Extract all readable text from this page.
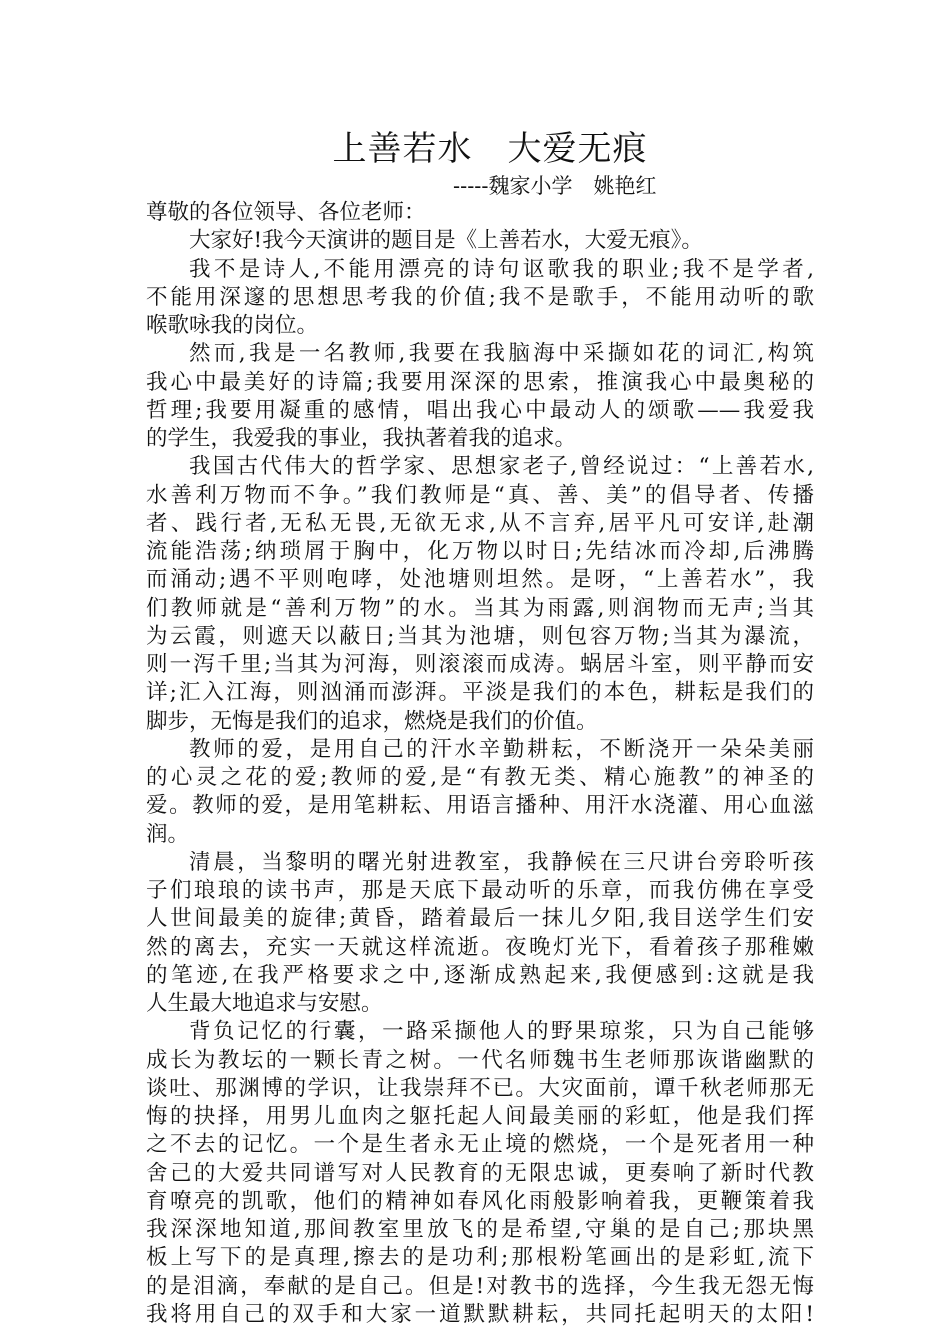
上善若水　大爱无痕
-----魏家小学　姚艳红
尊敬的各位领导、各位老师：
大家好!我今天演讲的题目是《上善若水，大爱无痕》。
我不是诗人,不能用漂亮的诗句讴歌我的职业;我不是学者,
不能用深邃的思想思考我的价值;我不是歌手，不能用动听的歌
喉歌咏我的岗位。
然而,我是一名教师,我要在我脑海中采撷如花的词汇,构筑
我心中最美好的诗篇;我要用深深的思索，推演我心中最奥秘的
哲理;我要用凝重的感情，唱出我心中最动人的颂歌——我爱我
的学生，我爱我的事业，我执著着我的追求。
我国古代伟大的哲学家、思想家老子,曾经说过：“上善若水,
水善利万物而不争。”我们教师是“真、善、美”的倡导者、传播
者、践行者,无私无畏,无欲无求,从不言弃,居平凡可安详,赴潮
流能浩荡;纳琐屑于胸中，化万物以时日;先结冰而冷却,后沸腾
而涌动;遇不平则咆哮，处池塘则坦然。是呀，“上善若水”，我
们教师就是“善利万物”的水。当其为雨露,则润物而无声;当其
为云霞，则遮天以蔽日;当其为池塘，则包容万物;当其为瀑流，
则一泻千里;当其为河海，则滚滚而成涛。蜗居斗室，则平静而安
详;汇入江海，则汹涌而澎湃。平淡是我们的本色，耕耘是我们的
脚步，无悔是我们的追求，燃烧是我们的价值。
教师的爱，是用自己的汗水辛勤耕耘，不断浇开一朵朵美丽
的心灵之花的爱;教师的爱,是“有教无类、精心施教”的神圣的
爱。教师的爱，是用笔耕耘、用语言播种、用汗水浇灌、用心血滋
润。
清晨，当黎明的曙光射进教室，我静候在三尺讲台旁聆听孩
子们琅琅的读书声，那是天底下最动听的乐章，而我仿佛在享受
人世间最美的旋律;黄昏，踏着最后一抹儿夕阳,我目送学生们安
然的离去，充实一天就这样流逝。夜晚灯光下，看着孩子那稚嫩
的笔迹,在我严格要求之中,逐渐成熟起来,我便感到:这就是我
人生最大地追求与安慰。
背负记忆的行囊，一路采撷他人的野果琼浆，只为自己能够
成长为教坛的一颗长青之树。一代名师魏书生老师那诙谐幽默的
谈吐、那渊博的学识，让我崇拜不已。大灾面前，谭千秋老师那无
悔的抉择，用男儿血肉之躯托起人间最美丽的彩虹，他是我们挥
之不去的记忆。一个是生者永无止境的燃烧，一个是死者用一种
舍己的大爱共同谱写对人民教育的无限忠诚，更奏响了新时代教
育嘹亮的凯歌，他们的精神如春风化雨般影响着我，更鞭策着我
我深深地知道,那间教室里放飞的是希望,守巢的是自己;那块黑
板上写下的是真理,擦去的是功利;那根粉笔画出的是彩虹,流下
的是泪滴，奉献的是自己。但是!对教书的选择，今生我无怨无悔
我将用自己的双手和大家一道默默耕耘，共同托起明天的太阳!
